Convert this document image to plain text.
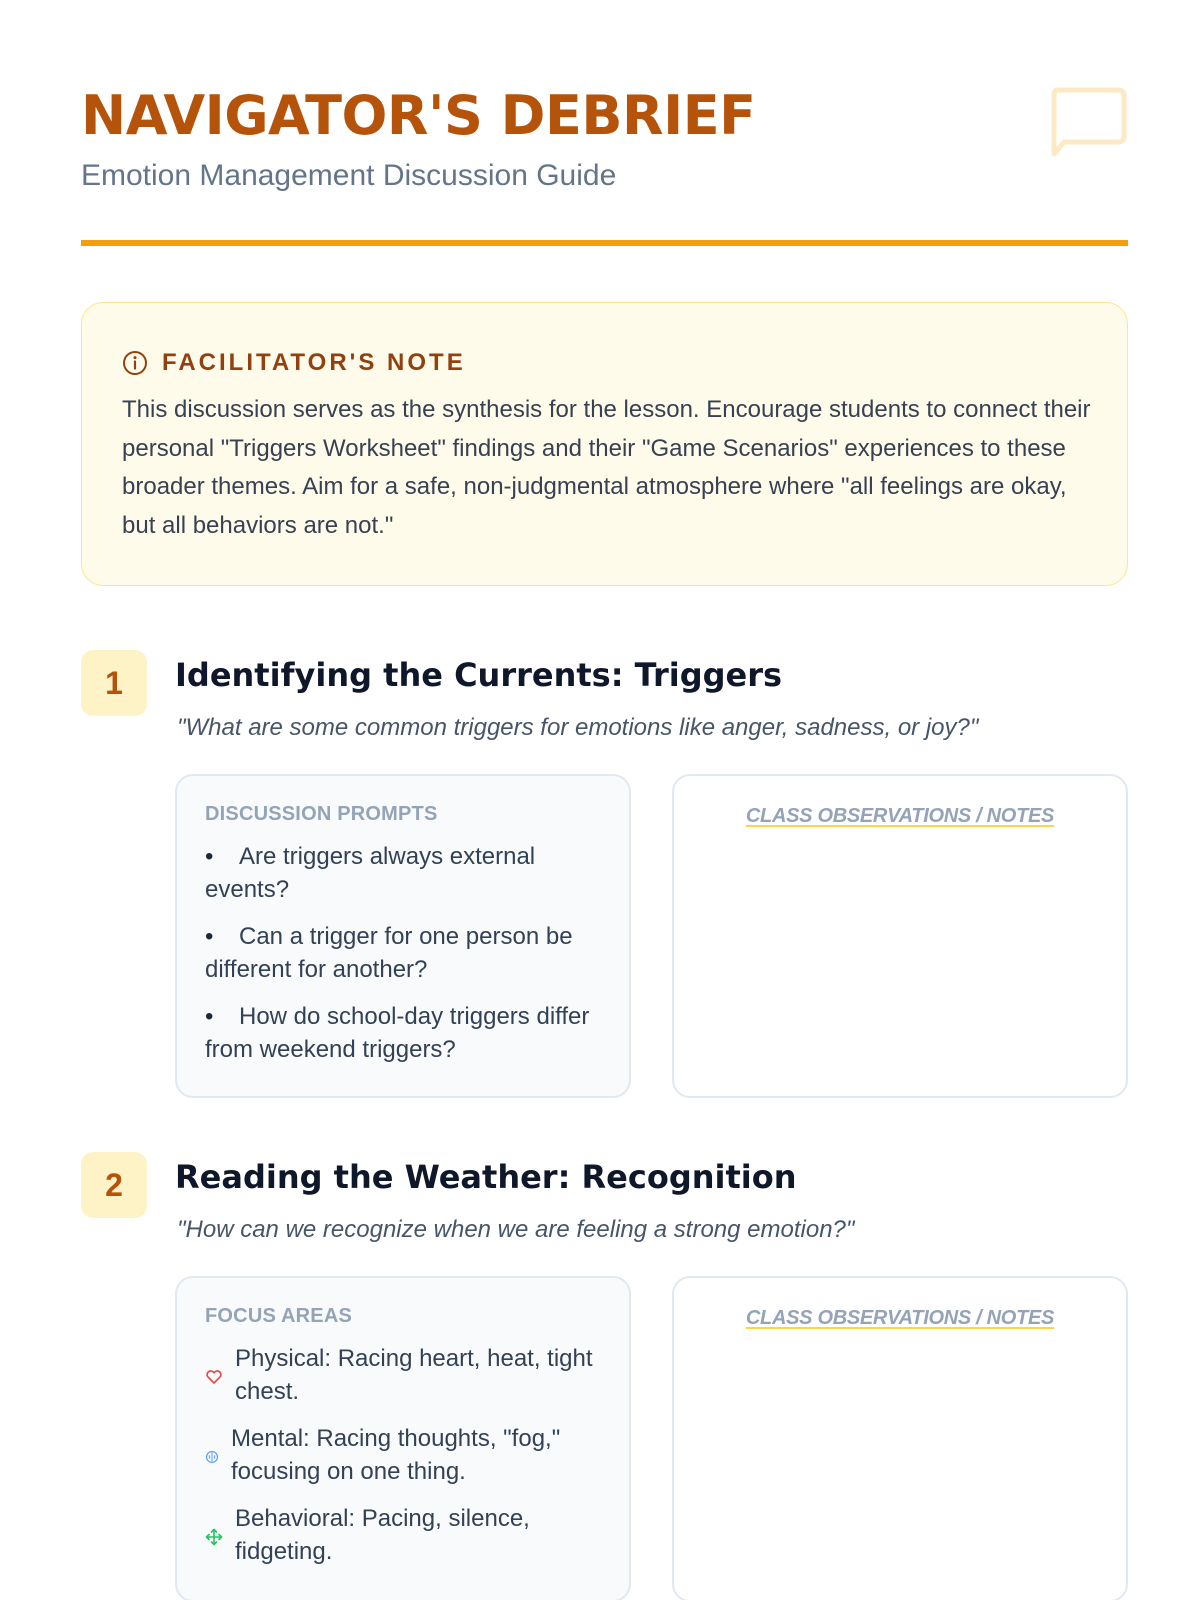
NAVIGATOR'S DEBRIEF
Emotion Management Discussion Guide
FACILITATOR'S NOTE

This discussion serves as the synthesis for the lesson. Encourage students to connect their personal "Triggers Worksheet" findings and their "Game Scenarios" experiences to these broader themes. Aim for a safe, non-judgmental atmosphere where "all feelings are okay, but all behaviors are not."

1	Identifying the Currents: Triggers
"What are some common triggers for emotions like anger, sadness, or joy?"
DISCUSSION PROMPTS
• Are triggers always external events?
• Can a trigger for one person be different for another?
• How do school-day triggers differ from weekend triggers?
CLASS OBSERVATIONS / NOTES
2	Reading the Weather: Recognition
"How can we recognize when we are feeling a strong emotion?"
FOCUS AREAS
Physical: Racing heart, heat, tight chest.
Mental: Racing thoughts, "fog," focusing on one thing.
Behavioral: Pacing, silence, fidgeting.
CLASS OBSERVATIONS / NOTES
